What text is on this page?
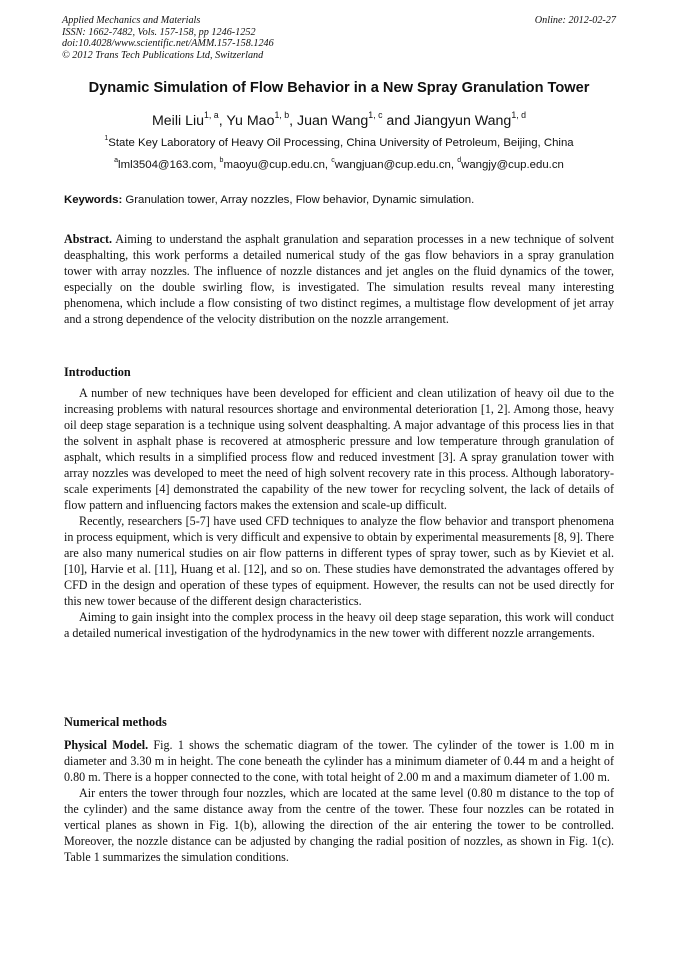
Applied Mechanics and Materials
ISSN: 1662-7482, Vols. 157-158, pp 1246-1252
doi:10.4028/www.scientific.net/AMM.157-158.1246
© 2012 Trans Tech Publications Ltd, Switzerland
Online: 2012-02-27
Dynamic Simulation of Flow Behavior in a New Spray Granulation Tower
Meili Liu$^{1, a}$, Yu Mao$^{1, b}$, Juan Wang$^{1, c}$ and Jiangyun Wang$^{1, d}$
$^1$State Key Laboratory of Heavy Oil Processing, China University of Petroleum, Beijing, China
$^a$lml3504@163.com, $^b$maoyu@cup.edu.cn, $^c$wangjuan@cup.edu.cn, $^d$wangjy@cup.edu.cn
Keywords: Granulation tower, Array nozzles, Flow behavior, Dynamic simulation.

Abstract. Aiming to understand the asphalt granulation and separation processes in a new technique of solvent deasphalting, this work performs a detailed numerical study of the gas flow behaviors in a spray granulation tower with array nozzles. The influence of nozzle distances and jet angles on the fluid dynamics of the tower, especially on the double swirling flow, is investigated. The simulation results reveal many interesting phenomena, which include a flow consisting of two distinct regimes, a multistage flow development of jet array and a strong dependence of the velocity distribution on the nozzle arrangement.

Introduction

A number of new techniques have been developed for efficient and clean utilization of heavy oil due to the increasing problems with natural resources shortage and environmental deterioration [1, 2]. Among those, heavy oil deep stage separation is a technique using solvent deasphalting. A major advantage of this process lies in that the solvent in asphalt phase is recovered at atmospheric pressure and low temperature through granulation of asphalt, which results in a simplified process flow and reduced investment [3]. A spray granulation tower with array nozzles was developed to meet the need of high solvent recovery rate in this process. Although laboratory-scale experiments [4] demonstrated the capability of the new tower for recycling solvent, the lack of details of flow pattern and influencing factors makes the extension and scale-up difficult.

Recently, researchers [5-7] have used CFD techniques to analyze the flow behavior and transport phenomena in process equipment, which is very difficult and expensive to obtain by experimental measurements [8, 9]. There are also many numerical studies on air flow patterns in different types of spray tower, such as by Kieviet et al. [10], Harvie et al. [11], Huang et al. [12], and so on. These studies have demonstrated the advantages offered by CFD in the design and operation of these types of equipment. However, the results can not be used directly for this new tower because of the different design characteristics.

Aiming to gain insight into the complex process in the heavy oil deep stage separation, this work will conduct a detailed numerical investigation of the hydrodynamics in the new tower with different nozzle arrangements.

Numerical methods

Physical Model. Fig. 1 shows the schematic diagram of the tower. The cylinder of the tower is 1.00 m in diameter and 3.30 m in height. The cone beneath the cylinder has a minimum diameter of 0.44 m and a height of 0.80 m. There is a hopper connected to the cone, with total height of 2.00 m and a maximum diameter of 1.00 m.

Air enters the tower through four nozzles, which are located at the same level (0.80 m distance to the top of the cylinder) and the same distance away from the centre of the tower. These four nozzles can be rotated in vertical planes as shown in Fig. 1(b), allowing the direction of the air entering the tower to be controlled. Moreover, the nozzle distance can be adjusted by changing the radial position of nozzles, as shown in Fig. 1(c). Table 1 summarizes the simulation conditions.
